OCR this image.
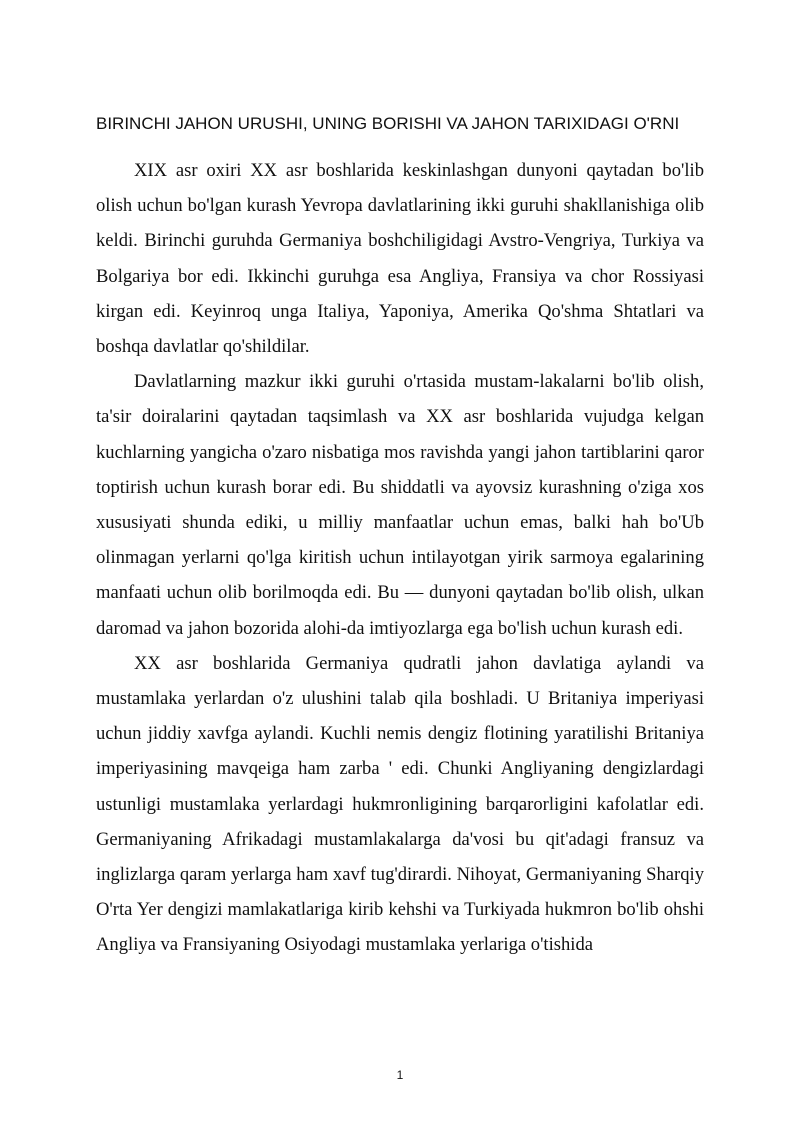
BIRINCHI JAHON URUSHI, UNING BORISHI VA JAHON TARIXIDAGI O'RNI

XIX asr oxiri XX asr boshlarida keskinlashgan dunyoni qaytadan bo'lib olish uchun bo'lgan kurash Yevropa davlatlarining ikki guruhi shakllanishiga olib keldi. Birinchi guruhda Germaniya boshchiligidagi Avstro-Vengriya, Turkiya va Bolgariya bor edi. Ikkinchi guruhga esa Angliya, Fransiya va chor Rossiyasi kirgan edi. Keyinroq unga Italiya, Yaponiya, Amerika Qo'shma Shtatlari va boshqa davlatlar qo'shildilar.

Davlatlarning mazkur ikki guruhi o'rtasida mustam-lakalarni bo'lib olish, ta'sir doiralarini qaytadan taqsimlash va XX asr boshlarida vujudga kelgan kuchlarning yangicha o'zaro nisbatiga mos ravishda yangi jahon tartiblarini qaror toptirish uchun kurash borar edi. Bu shiddatli va ayovsiz kurashning o'ziga xos xususiyati shunda ediki, u milliy manfaatlar uchun emas, balki hah bo'Ub olinmagan yerlarni qo'lga kiritish uchun intilayotgan yirik sarmoya egalarining manfaati uchun olib borilmoqda edi. Bu — dunyoni qaytadan bo'lib olish, ulkan daromad va jahon bozorida alohi-da imtiyozlarga ega bo'lish uchun kurash edi.

XX asr boshlarida Germaniya qudratli jahon davlatiga aylandi va mustamlaka yerlardan o'z ulushini talab qila boshladi. U Britaniya imperiyasi uchun jiddiy xavfga aylandi. Kuchli nemis dengiz flotining yaratilishi Britaniya imperiyasining mavqeiga ham zarba ' edi. Chunki Angliyaning dengizlardagi ustunligi mustamlaka yerlardagi hukmronligining barqarorligini kafolatlar edi. Germaniyaning Afrikadagi mustamlakalarga da'vosi bu qit'adagi fransuz va inglizlarga qaram yerlarga ham xavf tug'dirardi. Nihoyat, Germaniyaning Sharqiy O'rta Yer dengizi mamlakatlariga kirib kehshi va Turkiyada hukmron bo'lib ohshi Angliya va Fransiyaning Osiyodagi mustamlaka yerlariga o'tishida

1
